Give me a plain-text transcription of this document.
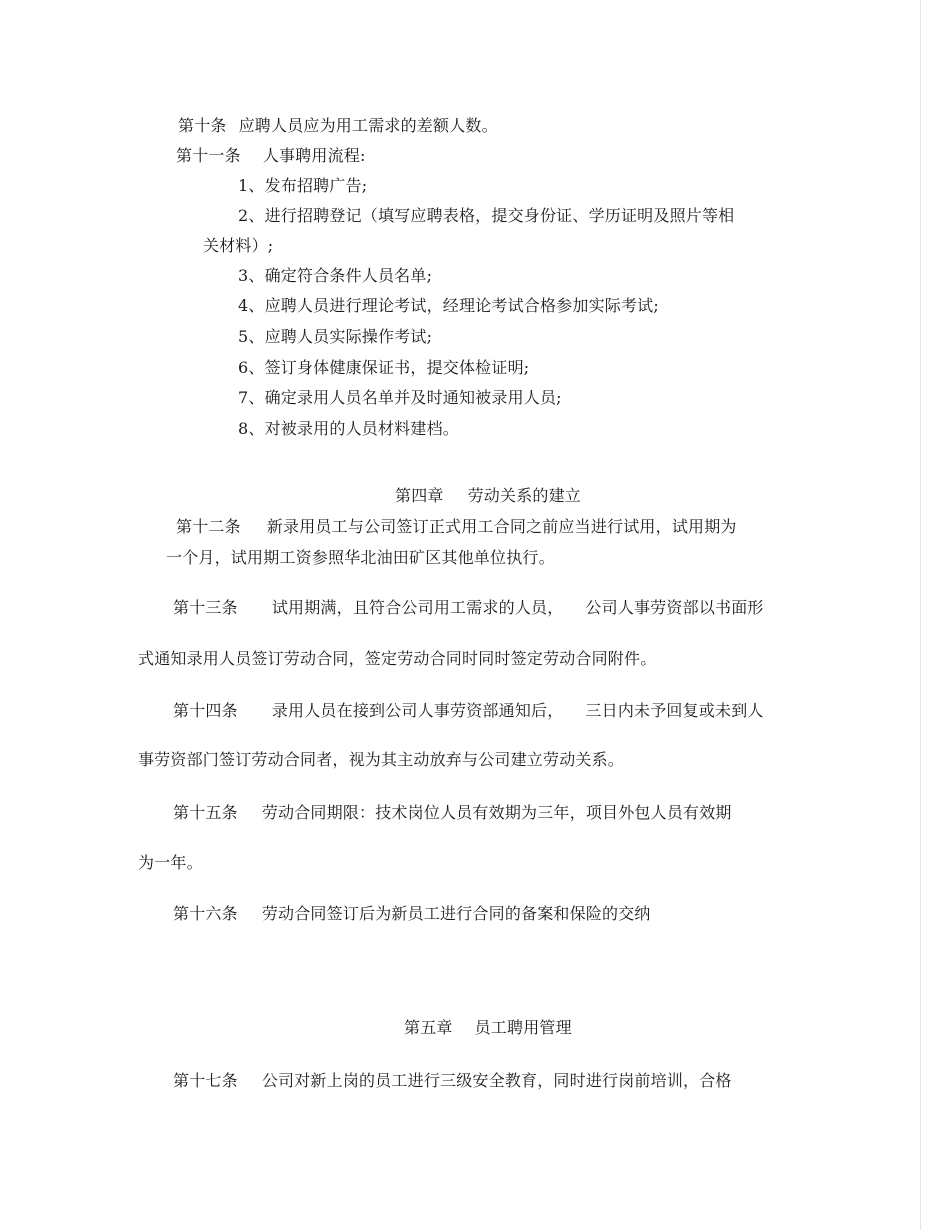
第十条 应聘人员应为用工需求的差额人数。
第十一条 人事聘用流程:
1、发布招聘广告;
2、进行招聘登记（填写应聘表格，提交身份证、学历证明及照片等相
关材料）;
3、确定符合条件人员名单;
4、应聘人员进行理论考试，经理论考试合格参加实际考试;
5、应聘人员实际操作考试;
6、签订身体健康保证书，提交体检证明;
7、确定录用人员名单并及时通知被录用人员;
8、对被录用的人员材料建档。
第四章 劳动关系的建立
第十二条 新录用员工与公司签订正式用工合同之前应当进行试用，试用期为
一个月，试用期工资参照华北油田矿区其他单位执行。
第十三条 试用期满，且符合公司用工需求的人员， 公司人事劳资部以书面形
式通知录用人员签订劳动合同，签定劳动合同时同时签定劳动合同附件。
第十四条 录用人员在接到公司人事劳资部通知后， 三日内未予回复或未到人
事劳资部门签订劳动合同者，视为其主动放弃与公司建立劳动关系。
第十五条 劳动合同期限：技术岗位人员有效期为三年，项目外包人员有效期
为一年。
第十六条 劳动合同签订后为新员工进行合同的备案和保险的交纳
第五章 员工聘用管理
第十七条 公司对新上岗的员工进行三级安全教育，同时进行岗前培训，合格
